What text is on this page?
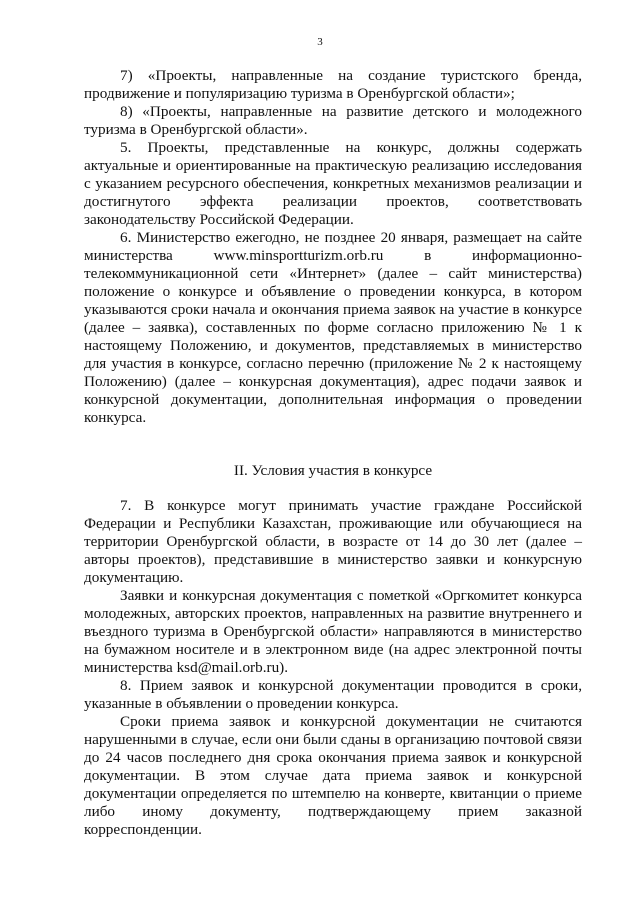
3

7) «Проекты, направленные на создание туристского бренда, продвижение и популяризацию туризма в Оренбургской области»;

8) «Проекты, направленные на развитие детского и молодежного туризма в Оренбургской области».

5. Проекты, представленные на конкурс, должны содержать актуальные и ориентированные на практическую реализацию исследования с указанием ресурсного обеспечения, конкретных механизмов реализации и достигнутого эффекта реализации проектов, соответствовать законодательству Российской Федерации.

6. Министерство ежегодно, не позднее 20 января, размещает на сайте министерства www.minsportturizm.orb.ru в информационно-телекоммуникационной сети «Интернет» (далее – сайт министерства) положение о конкурсе и объявление о проведении конкурса, в котором указываются сроки начала и окончания приема заявок на участие в конкурсе (далее – заявка), составленных по форме согласно приложению № 1 к настоящему Положению, и документов, представляемых в министерство для участия в конкурсе, согласно перечню (приложение № 2 к настоящему Положению) (далее – конкурсная документация), адрес подачи заявок и конкурсной документации, дополнительная информация о проведении конкурса.

II. Условия участия в конкурсе

7. В конкурсе могут принимать участие граждане Российской Федерации и Республики Казахстан, проживающие или обучающиеся на территории Оренбургской области, в возрасте от 14 до 30 лет (далее – авторы проектов), представившие в министерство заявки и конкурсную документацию.

Заявки и конкурсная документация с пометкой «Оргкомитет конкурса молодежных, авторских проектов, направленных на развитие внутреннего и въездного туризма в Оренбургской области» направляются в министерство на бумажном носителе и в электронном виде (на адрес электронной почты министерства ksd@mail.orb.ru).

8. Прием заявок и конкурсной документации проводится в сроки, указанные в объявлении о проведении конкурса.

Сроки приема заявок и конкурсной документации не считаются нарушенными в случае, если они были сданы в организацию почтовой связи до 24 часов последнего дня срока окончания приема заявок и конкурсной документации. В этом случае дата приема заявок и конкурсной документации определяется по штемпелю на конверте, квитанции о приеме либо иному документу, подтверждающему прием заказной корреспонденции.
